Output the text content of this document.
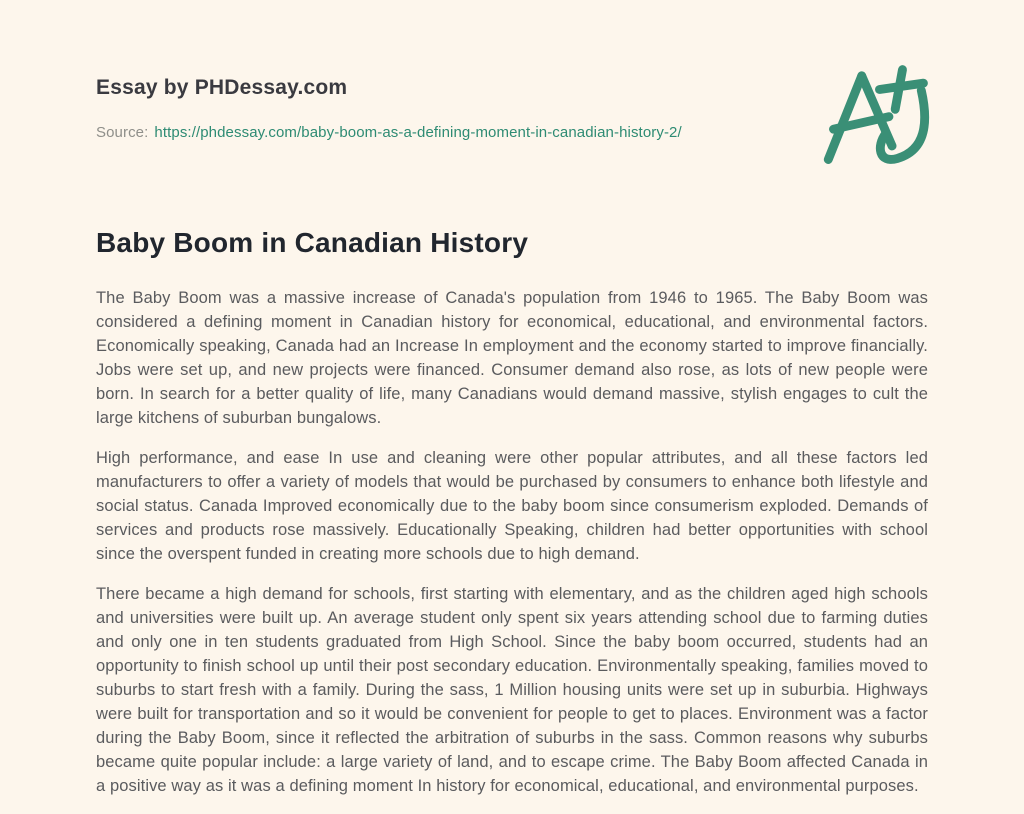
Essay by PHDessay.com
Source: https://phdessay.com/baby-boom-as-a-defining-moment-in-canadian-history-2/
Baby Boom in Canadian History

The Baby Boom was a massive increase of Canada's population from 1946 to 1965. The Baby Boom was considered a defining moment in Canadian history for economical, educational, and environmental factors. Economically speaking, Canada had an Increase In employment and the economy started to improve financially. Jobs were set up, and new projects were financed. Consumer demand also rose, as lots of new people were born. In search for a better quality of life, many Canadians would demand massive, stylish engages to cult the large kitchens of suburban bungalows.

High performance, and ease In use and cleaning were other popular attributes, and all these factors led manufacturers to offer a variety of models that would be purchased by consumers to enhance both lifestyle and social status. Canada Improved economically due to the baby boom since consumerism exploded. Demands of services and products rose massively. Educationally Speaking, children had better opportunities with school since the overspent funded in creating more schools due to high demand.

There became a high demand for schools, first starting with elementary, and as the children aged high schools and universities were built up. An average student only spent six years attending school due to farming duties and only one in ten students graduated from High School. Since the baby boom occurred, students had an opportunity to finish school up until their post secondary education. Environmentally speaking, families moved to suburbs to start fresh with a family. During the sass, 1 Million housing units were set up in suburbia. Highways were built for transportation and so it would be convenient for people to get to places. Environment was a factor during the Baby Boom, since it reflected the arbitration of suburbs in the sass. Common reasons why suburbs became quite popular include: a large variety of land, and to escape crime. The Baby Boom affected Canada in a positive way as it was a defining moment In history for economical, educational, and environmental purposes.
